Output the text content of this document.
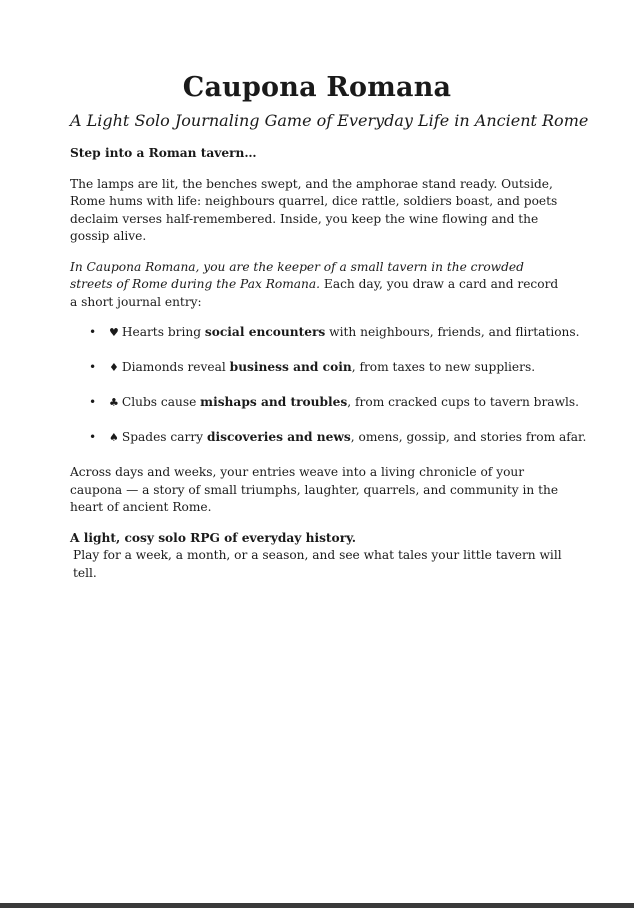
Caupona Romana
A Light Solo Journaling Game of Everyday Life in Ancient Rome

Step into a Roman tavern…

The lamps are lit, the benches swept, and the amphorae stand ready. Outside, Rome hums with life: neighbours quarrel, dice rattle, soldiers boast, and poets declaim verses half-remembered. Inside, you keep the wine flowing and the gossip alive.

In Caupona Romana, you are the keeper of a small tavern in the crowded streets of Rome during the Pax Romana. Each day, you draw a card and record a short journal entry:

• ♥ Hearts bring social encounters with neighbours, friends, and flirtations.
• ♦ Diamonds reveal business and coin, from taxes to new suppliers.
• ♣ Clubs cause mishaps and troubles, from cracked cups to tavern brawls.
• ♠ Spades carry discoveries and news, omens, gossip, and stories from afar.

Across days and weeks, your entries weave into a living chronicle of your caupona — a story of small triumphs, laughter, quarrels, and community in the heart of ancient Rome.

A light, cosy solo RPG of everyday history.

Play for a week, a month, or a season, and see what tales your little tavern will tell.
